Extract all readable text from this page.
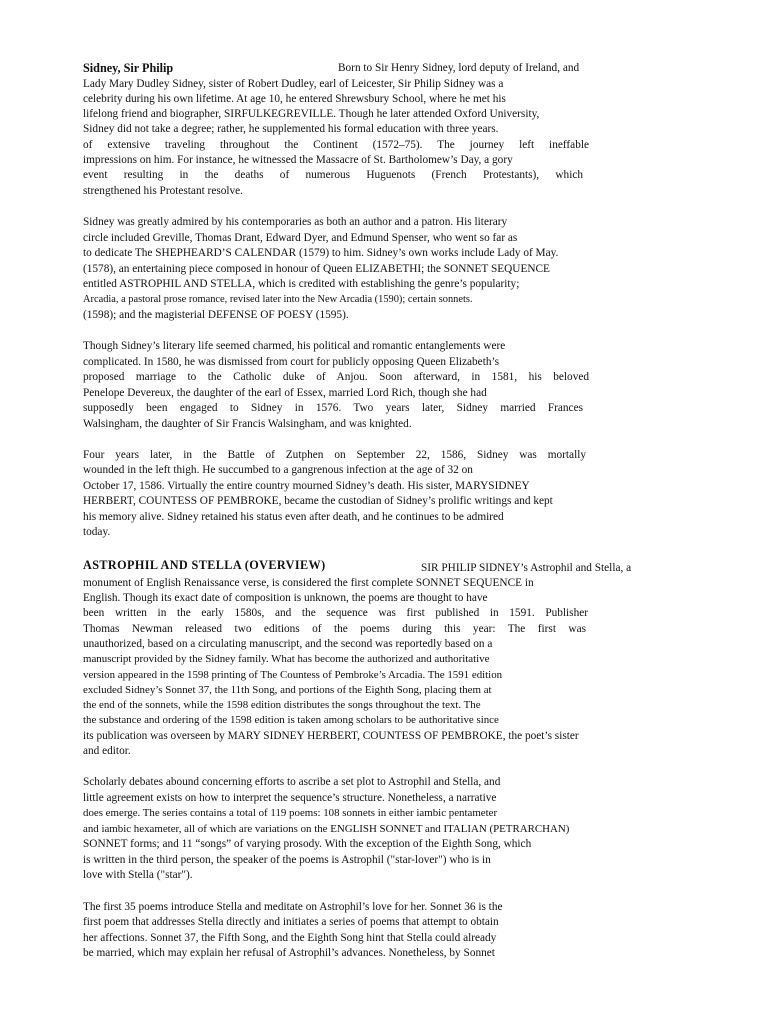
Sidney, Sir Philip	Born to Sir Henry Sidney, lord deputy of Ireland, and
Lady Mary Dudley Sidney, sister of Robert Dudley, earl of Leicester, Sir Philip Sidney was a
celebrity during his own lifetime. At age 10, he entered Shrewsbury School, where he met his
lifelong friend and biographer, SIRFULKEGREVILLE. Though he later attended Oxford University,
Sidney did not take a degree; rather, he supplemented his formal education with three years.
of extensive traveling throughout the Continent (1572–75). The journey left ineffable
impressions on him. For instance, he witnessed the Massacre of St. Bartholomew’s Day, a gory
event resulting in the deaths of numerous Huguenots (French Protestants), which
strengthened his Protestant resolve.
Sidney was greatly admired by his contemporaries as both an author and a patron. His literary
circle included Greville, Thomas Drant, Edward Dyer, and Edmund Spenser, who went so far as
to dedicate The SHEPHEARD’S CALENDAR (1579) to him. Sidney’s own works include Lady of May.
(1578), an entertaining piece composed in honour of Queen ELIZABETHI; the SONNET SEQUENCE
entitled ASTROPHIL AND STELLA, which is credited with establishing the genre’s popularity;
Arcadia, a pastoral prose romance, revised later into the New Arcadia (1590); certain sonnets.
(1598); and the magisterial DEFENSE OF POESY (1595).
Though Sidney’s literary life seemed charmed, his political and romantic entanglements were
complicated. In 1580, he was dismissed from court for publicly opposing Queen Elizabeth’s
proposed marriage to the Catholic duke of Anjou. Soon afterward, in 1581, his beloved
Penelope Devereux, the daughter of the earl of Essex, married Lord Rich, though she had
supposedly been engaged to Sidney in 1576. Two years later, Sidney married Frances
Walsingham, the daughter of Sir Francis Walsingham, and was knighted.
Four years later, in the Battle of Zutphen on September 22, 1586, Sidney was mortally
wounded in the left thigh. He succumbed to a gangrenous infection at the age of 32 on
October 17, 1586. Virtually the entire country mourned Sidney’s death. His sister, MARYSIDNEY
HERBERT, COUNTESS OF PEMBROKE, became the custodian of Sidney’s prolific writings and kept
his memory alive. Sidney retained his status even after death, and he continues to be admired
today.
ASTROPHIL AND STELLA (OVERVIEW)	SIR PHILIP SIDNEY’s Astrophil and Stella, a
monument of English Renaissance verse, is considered the first complete SONNET SEQUENCE in
English. Though its exact date of composition is unknown, the poems are thought to have
been written in the early 1580s, and the sequence was first published in 1591. Publisher
Thomas Newman released two editions of the poems during this year: The first was
unauthorized, based on a circulating manuscript, and the second was reportedly based on a
manuscript provided by the Sidney family. What has become the authorized and authoritative
version appeared in the 1598 printing of The Countess of Pembroke’s Arcadia. The 1591 edition
excluded Sidney’s Sonnet 37, the 11th Song, and portions of the Eighth Song, placing them at
the end of the sonnets, while the 1598 edition distributes the songs throughout the text. The
the substance and ordering of the 1598 edition is taken among scholars to be authoritative since
its publication was overseen by MARY SIDNEY HERBERT, COUNTESS OF PEMBROKE, the poet’s sister
and editor.
Scholarly debates abound concerning efforts to ascribe a set plot to Astrophil and Stella, and
little agreement exists on how to interpret the sequence’s structure. Nonetheless, a narrative
does emerge. The series contains a total of 119 poems: 108 sonnets in either iambic pentameter
and iambic hexameter, all of which are variations on the ENGLISH SONNET and ITALIAN (PETRARCHAN)
SONNET forms; and 11 “songs” of varying prosody. With the exception of the Eighth Song, which
is written in the third person, the speaker of the poems is Astrophil ("star-lover") who is in
love with Stella ("star").
The first 35 poems introduce Stella and meditate on Astrophil’s love for her. Sonnet 36 is the
first poem that addresses Stella directly and initiates a series of poems that attempt to obtain
her affections. Sonnet 37, the Fifth Song, and the Eighth Song hint that Stella could already
be married, which may explain her refusal of Astrophil’s advances. Nonetheless, by Sonnet
